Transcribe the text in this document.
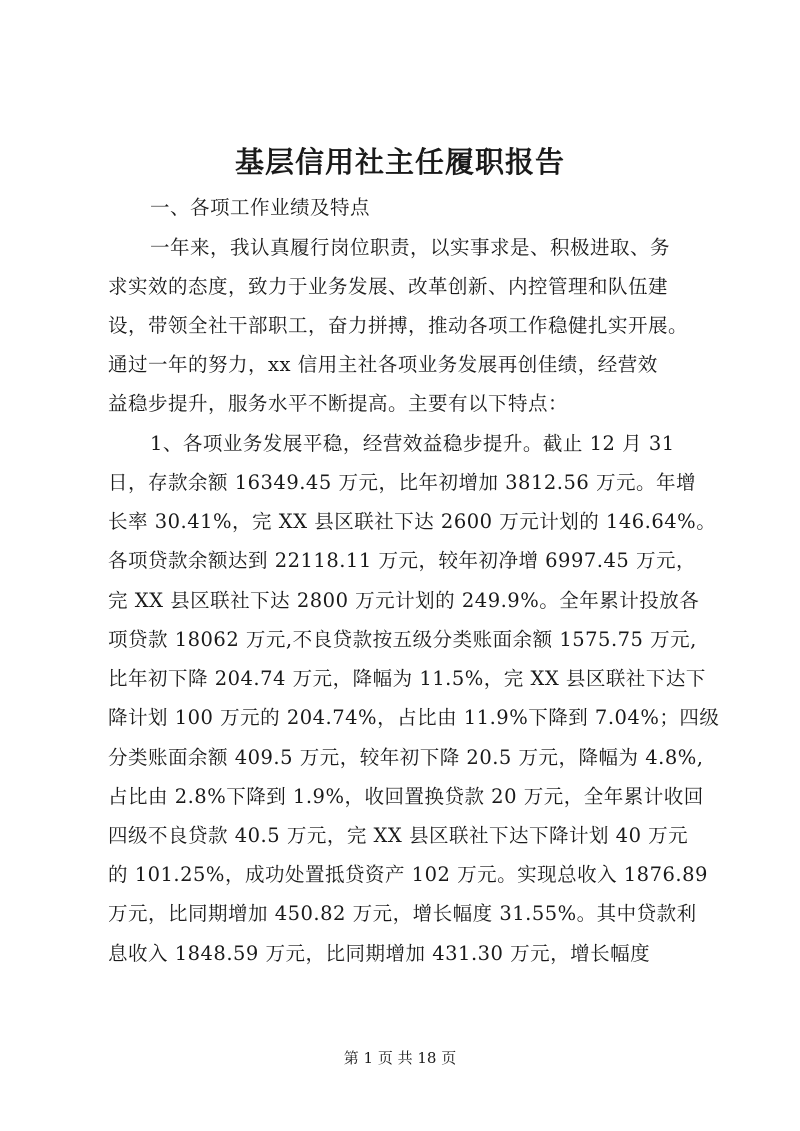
基层信用社主任履职报告
一、各项工作业绩及特点
一年来，我认真履行岗位职责，以实事求是、积极进取、务
求实效的态度，致力于业务发展、改革创新、内控管理和队伍建
设，带领全社干部职工，奋力拼搏，推动各项工作稳健扎实开展。
通过一年的努力，xx 信用主社各项业务发展再创佳绩，经营效
益稳步提升，服务水平不断提高。主要有以下特点：
1、各项业务发展平稳，经营效益稳步提升。截止 12 月 31
日，存款余额 16349.45 万元，比年初增加 3812.56 万元。年增
长率 30.41%，完 XX 县区联社下达 2600 万元计划的 146.64%。
各项贷款余额达到 22118.11 万元，较年初净增 6997.45 万元，
完 XX 县区联社下达 2800 万元计划的 249.9%。全年累计投放各
项贷款 18062 万元,不良贷款按五级分类账面余额 1575.75 万元,
比年初下降 204.74 万元，降幅为 11.5%，完 XX 县区联社下达下
降计划 100 万元的 204.74%，占比由 11.9%下降到 7.04%；四级
分类账面余额 409.5 万元，较年初下降 20.5 万元，降幅为 4.8%,
占比由 2.8%下降到 1.9%，收回置换贷款 20 万元，全年累计收回
四级不良贷款 40.5 万元，完 XX 县区联社下达下降计划 40 万元
的 101.25%，成功处置抵贷资产 102 万元。实现总收入 1876.89
万元，比同期增加 450.82 万元，增长幅度 31.55%。其中贷款利
息收入 1848.59 万元，比同期增加 431.30 万元，增长幅度
第 1 页 共 18 页
